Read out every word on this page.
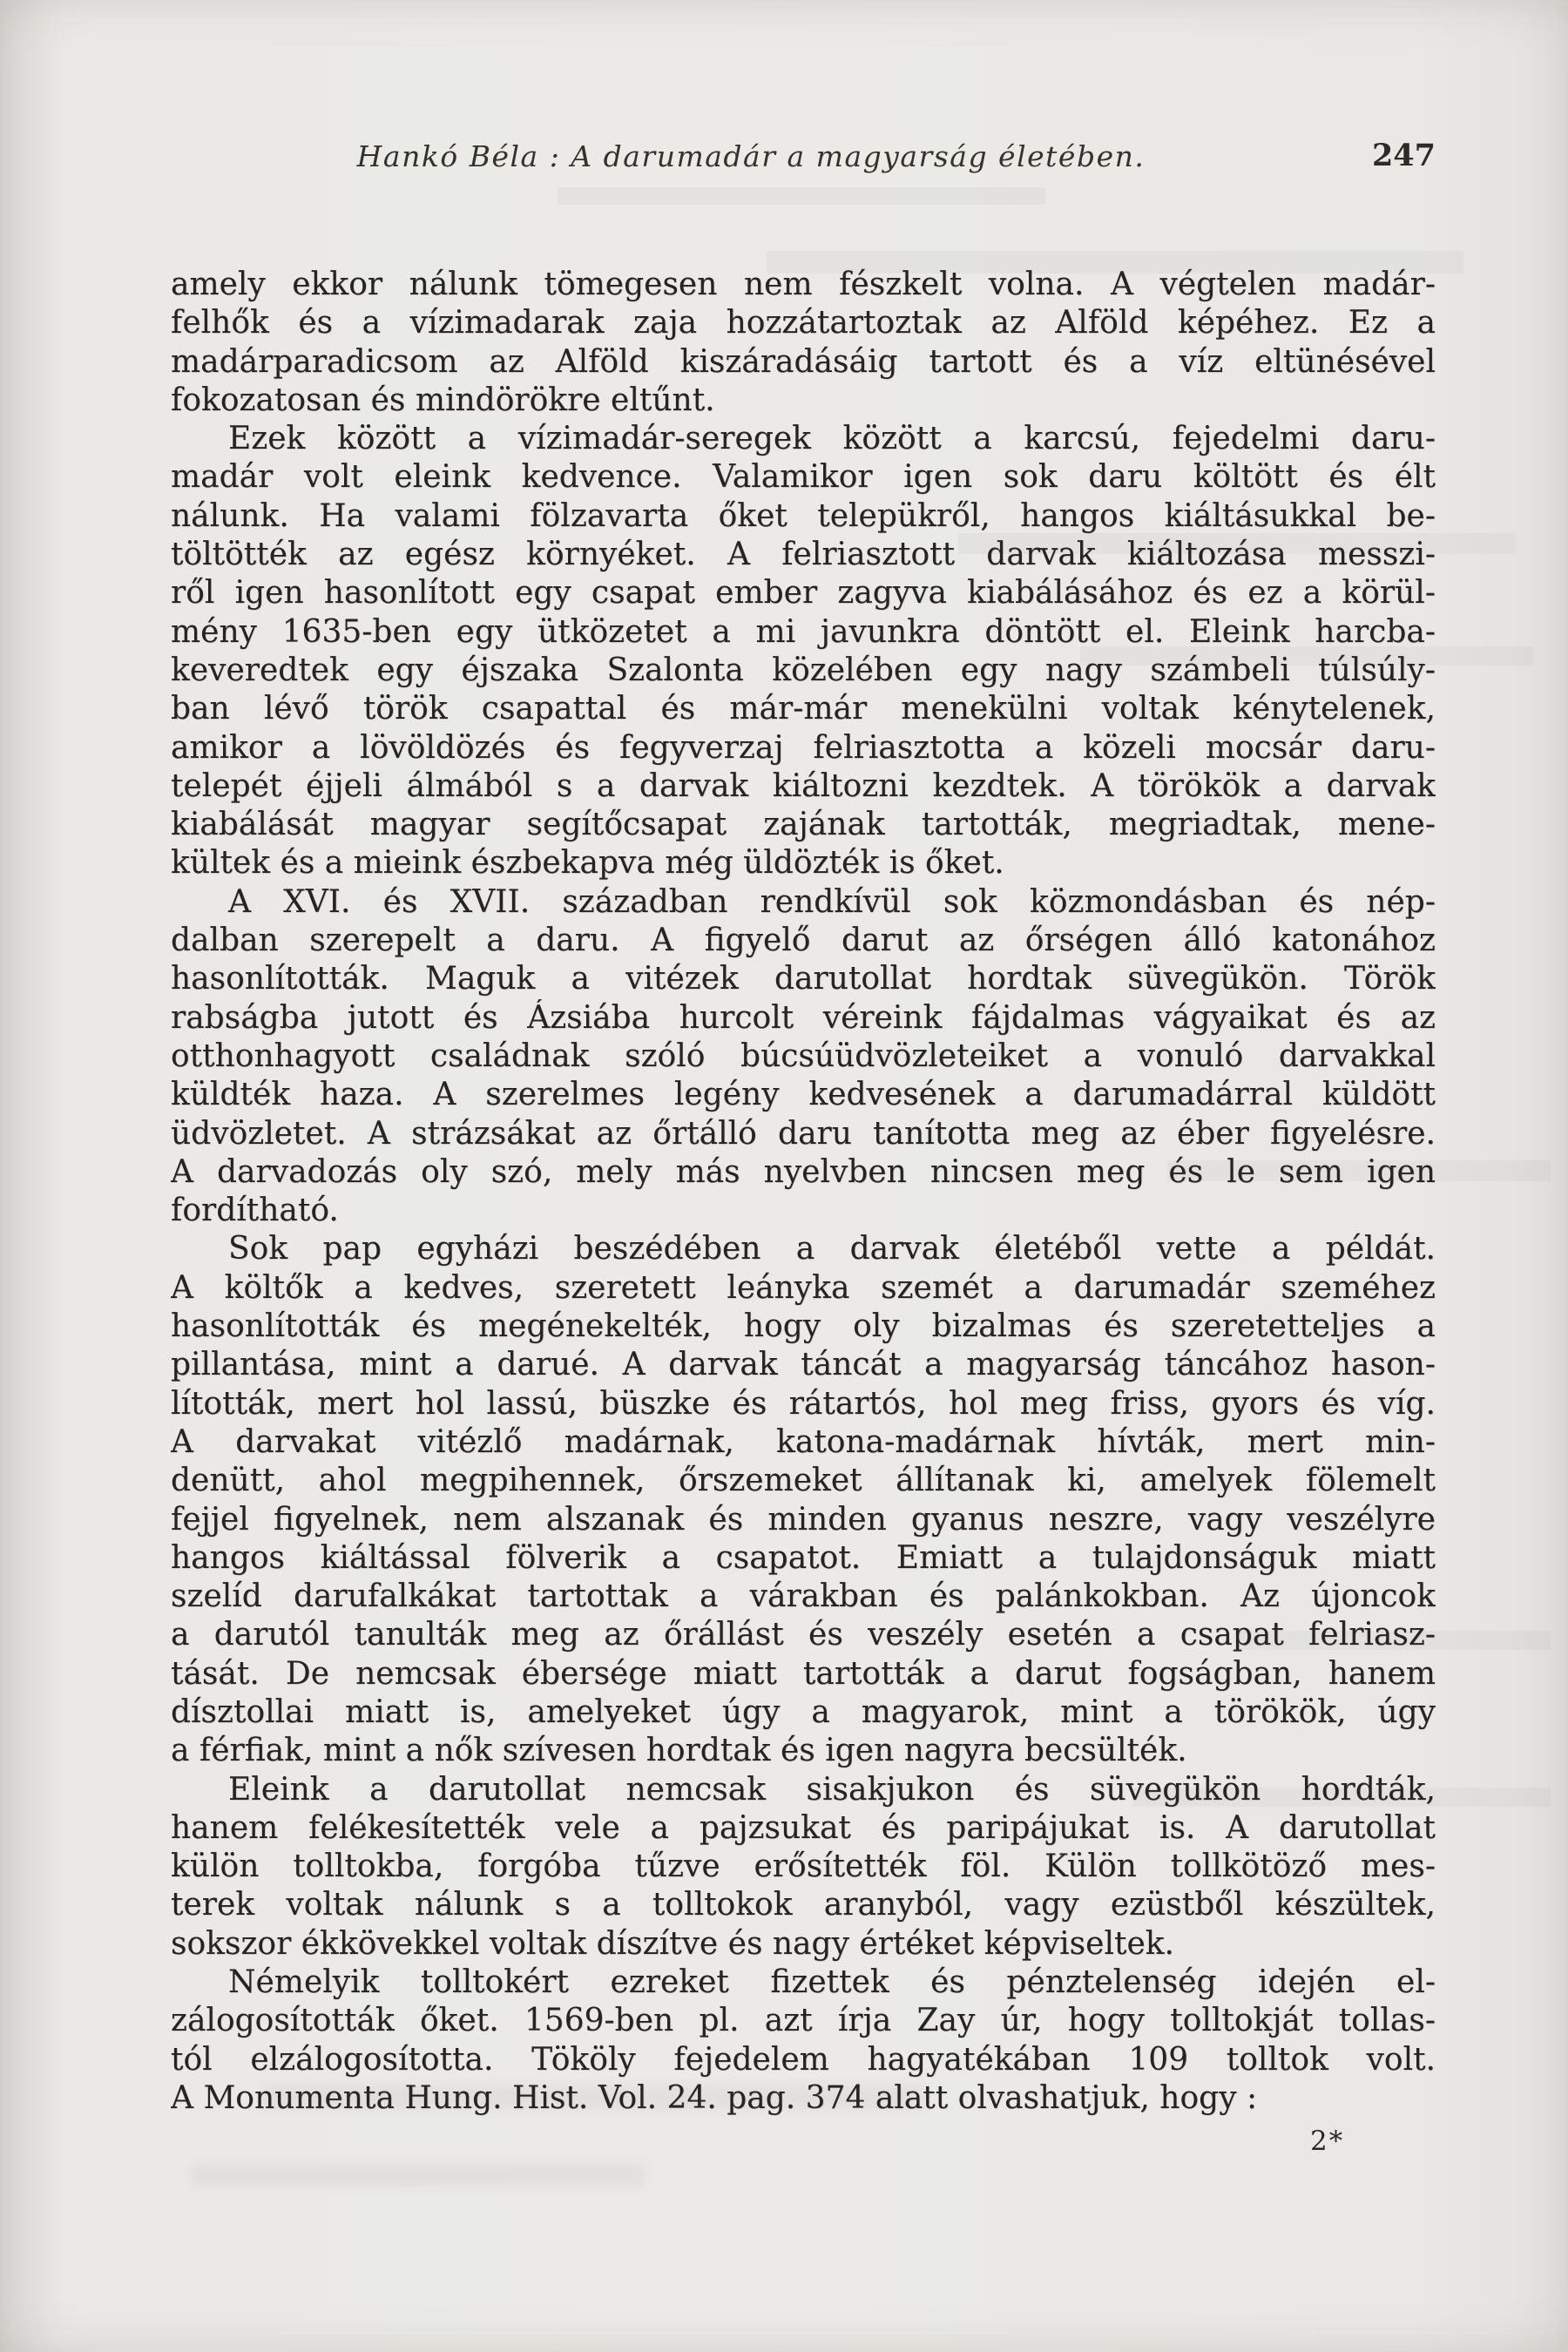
Hankó Béla : A darumadár a magyarság életében.	247
amely ekkor nálunk tömegesen nem fészkelt volna. A végtelen madár-
felhők és a vízimadarak zaja hozzátartoztak az Alföld képéhez. Ez a
madárparadicsom az Alföld kiszáradásáig tartott és a víz eltünésével
fokozatosan és mindörökre eltűnt.
Ezek között a vízimadár-seregek között a karcsú, fejedelmi daru-
madár volt eleink kedvence. Valamikor igen sok daru költött és élt
nálunk. Ha valami fölzavarta őket telepükről, hangos kiáltásukkal be-
töltötték az egész környéket. A felriasztott darvak kiáltozása messzi-
ről igen hasonlított egy csapat ember zagyva kiabálásához és ez a körül-
mény 1635-ben egy ütközetet a mi javunkra döntött el. Eleink harcba-
keveredtek egy éjszaka Szalonta közelében egy nagy számbeli túlsúly-
ban lévő török csapattal és már-már menekülni voltak kénytelenek,
amikor a lövöldözés és fegyverzaj felriasztotta a közeli mocsár daru-
telepét éjjeli álmából s a darvak kiáltozni kezdtek. A törökök a darvak
kiabálását magyar segítőcsapat zajának tartották, megriadtak, mene-
kültek és a mieink észbekapva még üldözték is őket.
A XVI. és XVII. században rendkívül sok közmondásban és nép-
dalban szerepelt a daru. A figyelő darut az őrségen álló katonához
hasonlították. Maguk a vitézek darutollat hordtak süvegükön. Török
rabságba jutott és Ázsiába hurcolt véreink fájdalmas vágyaikat és az
otthonhagyott családnak szóló búcsúüdvözleteiket a vonuló darvakkal
küldték haza. A szerelmes legény kedvesének a darumadárral küldött
üdvözletet. A strázsákat az őrtálló daru tanította meg az éber figyelésre.
A darvadozás oly szó, mely más nyelvben nincsen meg és le sem igen
fordítható.
Sok pap egyházi beszédében a darvak életéből vette a példát.
A költők a kedves, szeretett leányka szemét a darumadár szeméhez
hasonlították és megénekelték, hogy oly bizalmas és szeretetteljes a
pillantása, mint a darué. A darvak táncát a magyarság táncához hason-
lították, mert hol lassú, büszke és rátartós, hol meg friss, gyors és víg.
A darvakat vitézlő madárnak, katona-madárnak hívták, mert min-
denütt, ahol megpihennek, őrszemeket állítanak ki, amelyek fölemelt
fejjel figyelnek, nem alszanak és minden gyanus neszre, vagy veszélyre
hangos kiáltással fölverik a csapatot. Emiatt a tulajdonságuk miatt
szelíd darufalkákat tartottak a várakban és palánkokban. Az újoncok
a darutól tanulták meg az őrállást és veszély esetén a csapat felriasz-
tását. De nemcsak ébersége miatt tartották a darut fogságban, hanem
dísztollai miatt is, amelyeket úgy a magyarok, mint a törökök, úgy
a férfiak, mint a nők szívesen hordtak és igen nagyra becsülték.
Eleink a darutollat nemcsak sisakjukon és süvegükön hordták,
hanem felékesítették vele a pajzsukat és paripájukat is. A darutollat
külön tolltokba, forgóba tűzve erősítették föl. Külön tollkötöző mes-
terek voltak nálunk s a tolltokok aranyból, vagy ezüstből készültek,
sokszor ékkövekkel voltak díszítve és nagy értéket képviseltek.
Némelyik tolltokért ezreket fizettek és pénztelenség idején el-
zálogosították őket. 1569-ben pl. azt írja Zay úr, hogy tolltokját tollas-
tól elzálogosította. Tököly fejedelem hagyatékában 109 tolltok volt.
A Monumenta Hung. Hist. Vol. 24. pag. 374 alatt olvashatjuk, hogy :
2*
